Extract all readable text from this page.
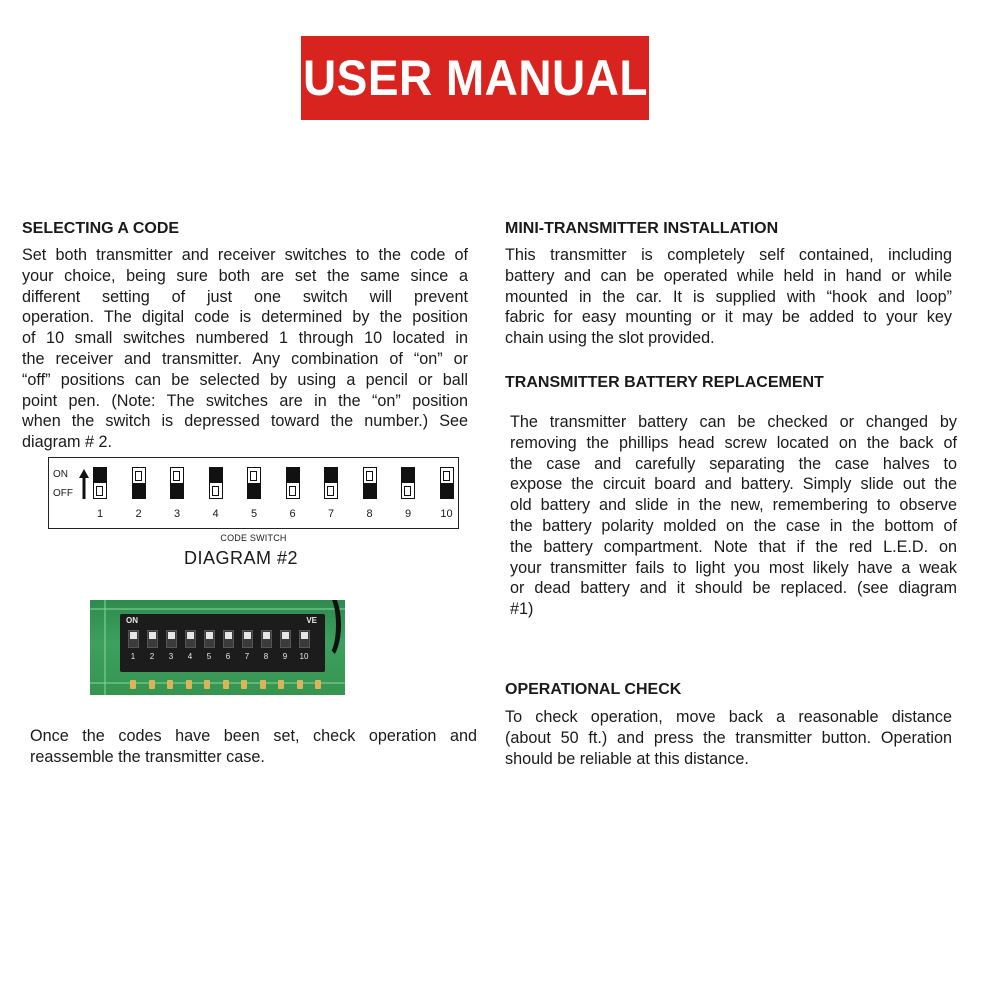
USER MANUAL
SELECTING A CODE
Set both transmitter and receiver switches to the code of
your choice, being sure both are set the same since a
different setting of just one switch will prevent
operation. The digital code is determined by the position
of 10 small switches numbered 1 through 10 located in
the receiver and transmitter. Any combination of “on” or
“off” positions can be selected by using a pencil or ball
point pen. (Note: The switches are in the “on” position
when the switch is depressed toward the number.) See
diagram # 2.
ON
OFF
1	2	3	4	5	6	7	8	9	10
CODE SWITCH
DIAGRAM #2
ON	VE
1	2	3	4	5	6	7	8	9	10
Once the codes have been set, check operation and
reassemble the transmitter case.
MINI-TRANSMITTER INSTALLATION
This transmitter is completely self contained, including
battery and can be operated while held in hand or while
mounted in the car. It is supplied with “hook and loop”
fabric for easy mounting or it may be added to your key
chain using the slot provided.
TRANSMITTER BATTERY REPLACEMENT
The transmitter battery can be checked or changed by
removing the phillips head screw located on the back of
the case and carefully separating the case halves to
expose the circuit board and battery. Simply slide out the
old battery and slide in the new, remembering to observe
the battery polarity molded on the case in the bottom of
the battery compartment. Note that if the red L.E.D. on
your transmitter fails to light you most likely have a weak
or dead battery and it should be replaced. (see diagram
#1)
OPERATIONAL CHECK
To check operation, move back a reasonable distance
(about 50 ft.) and press the transmitter button. Operation
should be reliable at this distance.
